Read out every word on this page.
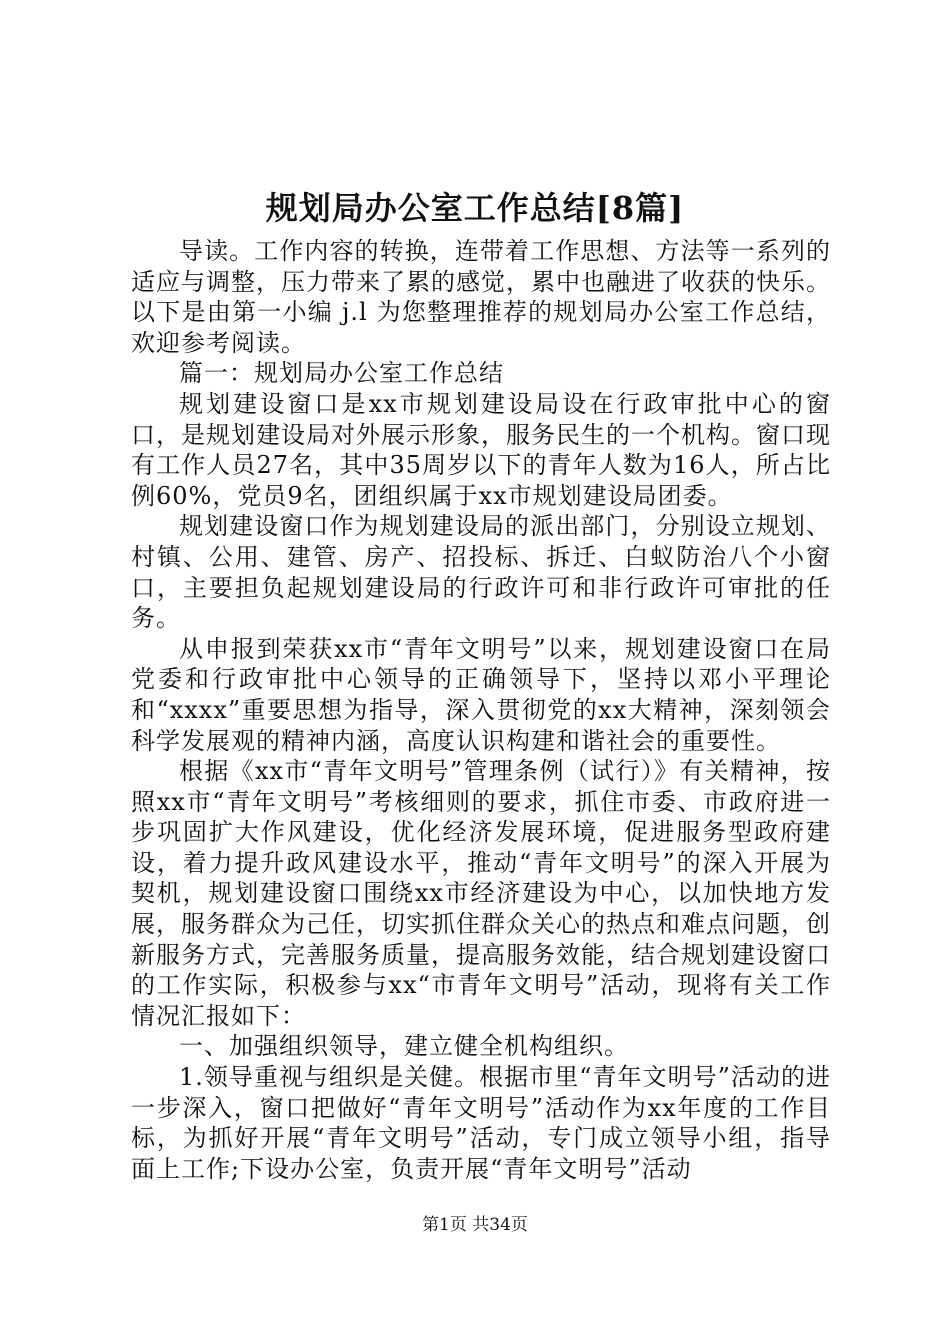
规划局办公室工作总结[8篇]

导读。工作内容的转换，连带着工作思想、方法等一系列的适应与调整，压力带来了累的感觉，累中也融进了收获的快乐。以下是由第一小编 j.l 为您整理推荐的规划局办公室工作总结，欢迎参考阅读。

篇一：规划局办公室工作总结

规划建设窗口是xx市规划建设局设在行政审批中心的窗口，是规划建设局对外展示形象，服务民生的一个机构。窗口现有工作人员27名，其中35周岁以下的青年人数为16人，所占比例60%，党员9名，团组织属于xx市规划建设局团委。

规划建设窗口作为规划建设局的派出部门，分别设立规划、村镇、公用、建管、房产、招投标、拆迁、白蚁防治八个小窗口，主要担负起规划建设局的行政许可和非行政许可审批的任务。

从申报到荣获xx市“青年文明号”以来，规划建设窗口在局党委和行政审批中心领导的正确领导下，坚持以邓小平理论和“xxxx”重要思想为指导，深入贯彻党的xx大精神，深刻领会科学发展观的精神内涵，高度认识构建和谐社会的重要性。

根据《xx市“青年文明号”管理条例（试行）》有关精神，按照xx市“青年文明号”考核细则的要求，抓住市委、市政府进一步巩固扩大作风建设，优化经济发展环境，促进服务型政府建设，着力提升政风建设水平，推动“青年文明号”的深入开展为契机，规划建设窗口围绕xx市经济建设为中心，以加快地方发展，服务群众为己任，切实抓住群众关心的热点和难点问题，创新服务方式，完善服务质量，提高服务效能，结合规划建设窗口的工作实际，积极参与xx“市青年文明号”活动，现将有关工作情况汇报如下：

一、加强组织领导，建立健全机构组织。

1.领导重视与组织是关健。根据市里“青年文明号”活动的进一步深入，窗口把做好“青年文明号”活动作为xx年度的工作目标，为抓好开展“青年文明号”活动，专门成立领导小组，指导面上工作;下设办公室，负责开展“青年文明号”活动

第1页 共34页
